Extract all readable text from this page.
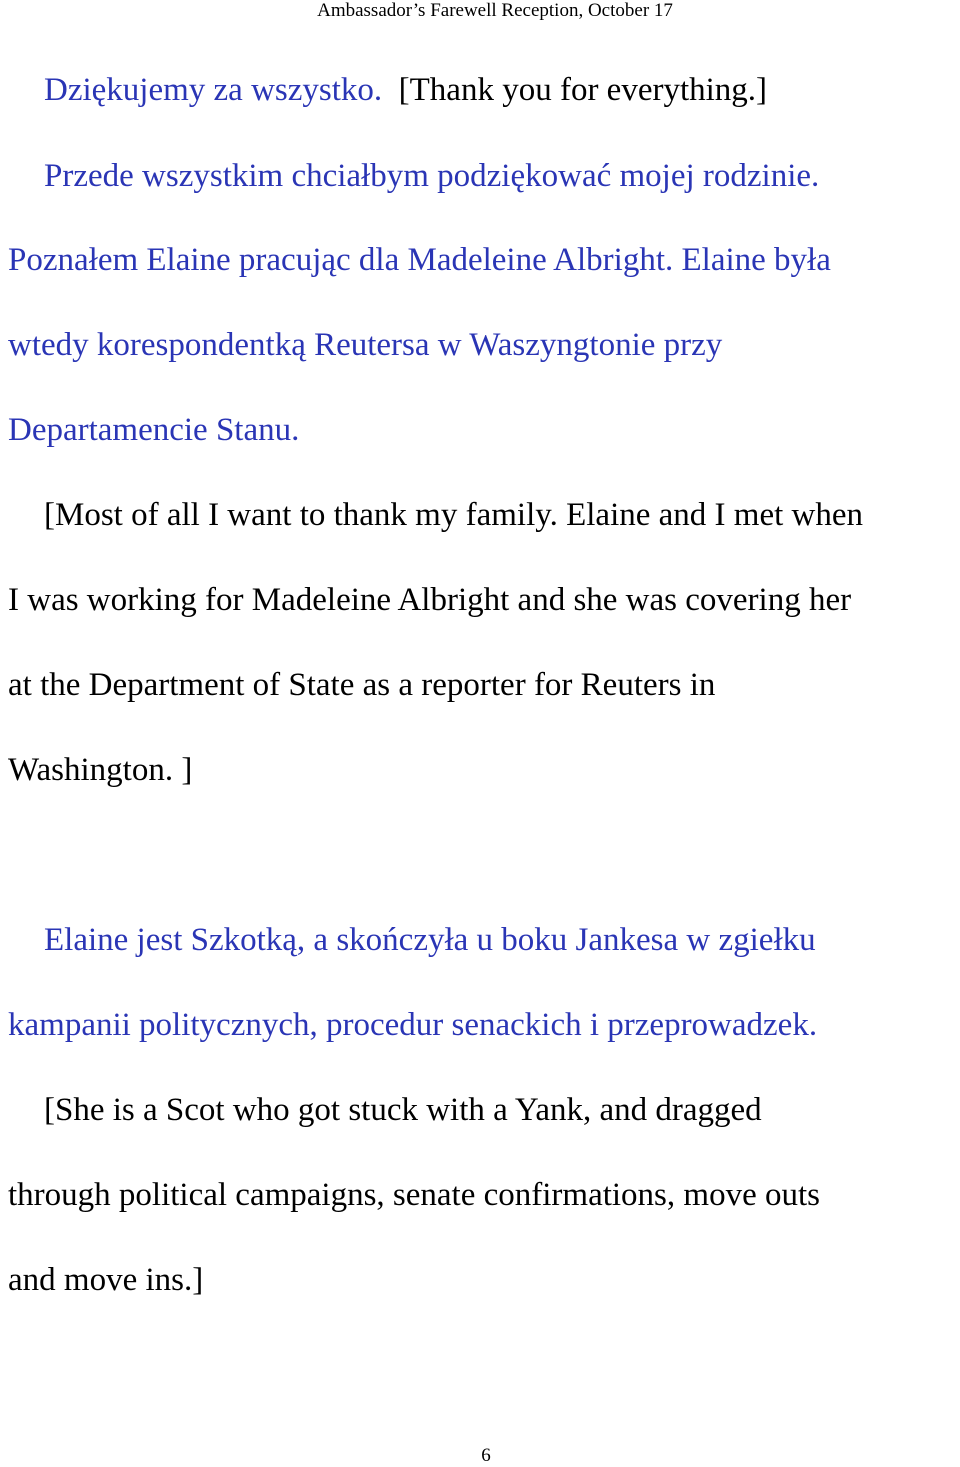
Ambassador’s Farewell Reception, October 17
Dziękujemy za wszystko.  [Thank you for everything.]
Przede wszystkim chciałbym podziękować mojej rodzinie.
Poznałem Elaine pracując dla Madeleine Albright. Elaine była
wtedy korespondentką Reutersa w Waszyngtonie przy
Departamencie Stanu.
[Most of all I want to thank my family. Elaine and I met when
I was working for Madeleine Albright and she was covering her
at the Department of State as a reporter for Reuters in
Washington. ]
Elaine jest Szkotką, a skończyła u boku Jankesa w zgiełku
kampanii politycznych, procedur senackich i przeprowadzek.
[She is a Scot who got stuck with a Yank, and dragged
through political campaigns, senate confirmations, move outs
and move ins.]
6
